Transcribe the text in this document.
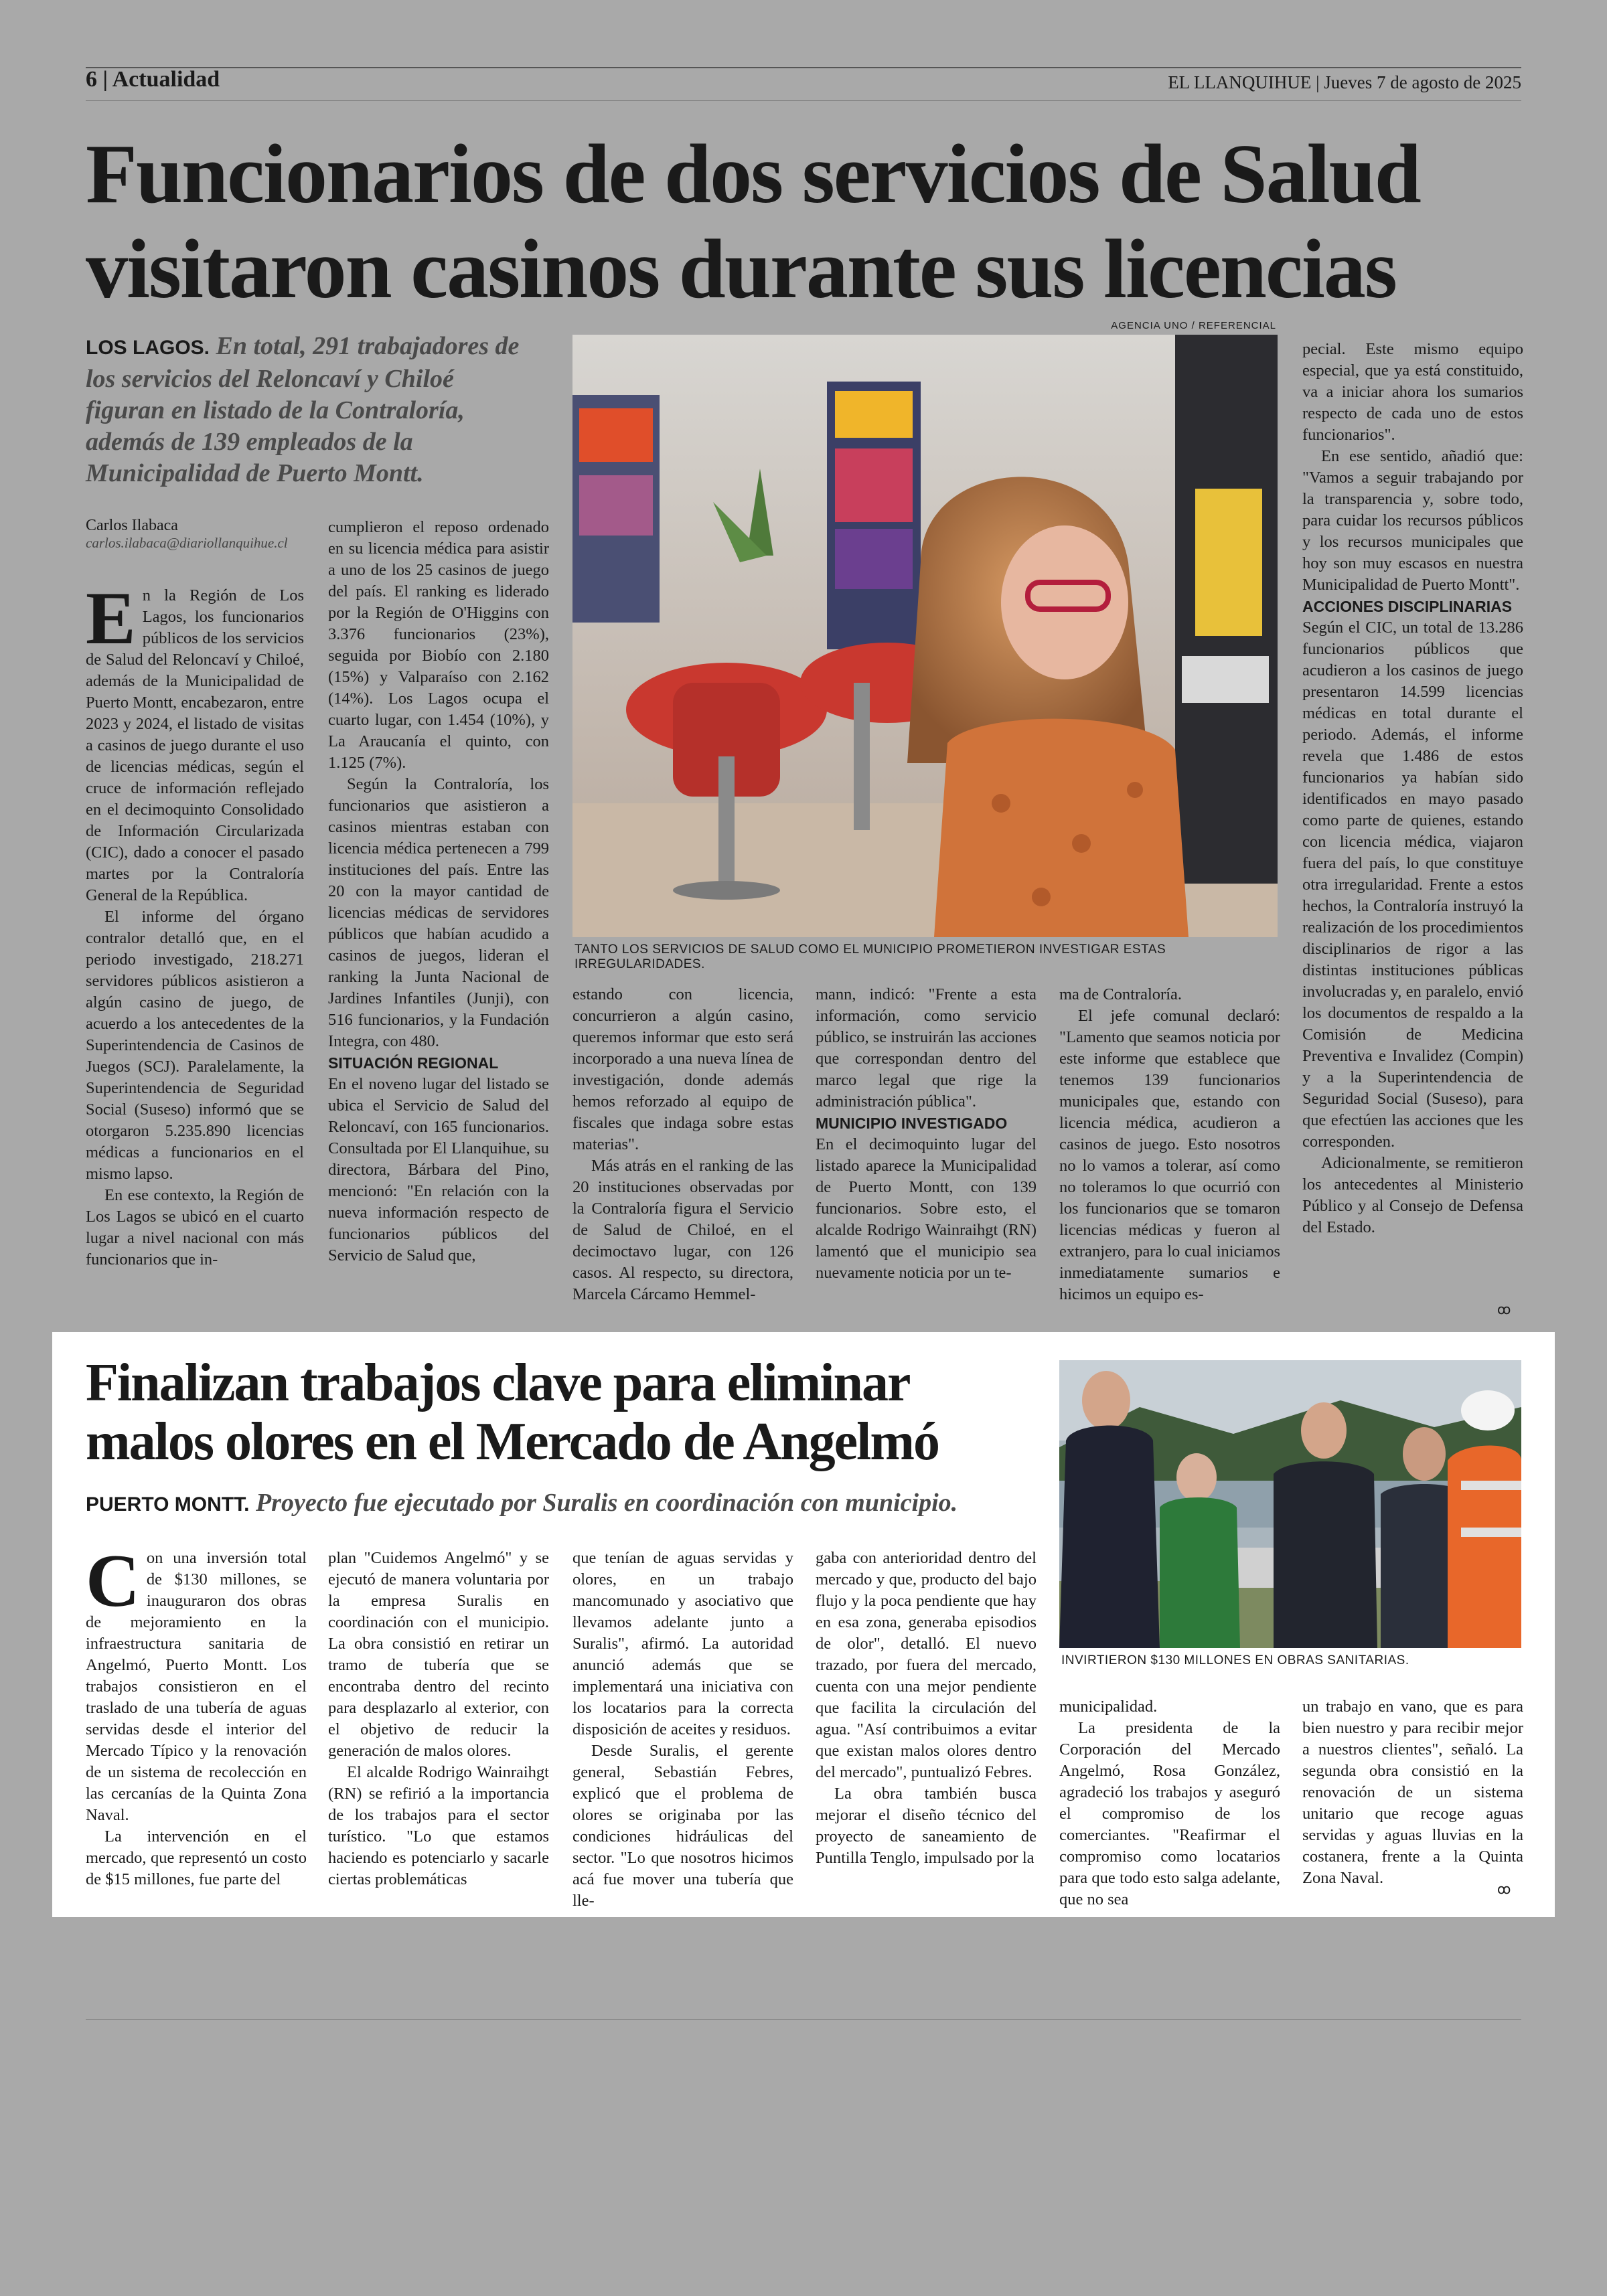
6 | Actualidad	EL LLANQUIHUE | Jueves 7 de agosto de 2025
Funcionarios de dos servicios de Salud visitaron casinos durante sus licencias
LOS LAGOS. En total, 291 trabajadores de los servicios del Reloncaví y Chiloé figuran en listado de la Contraloría, además de 139 empleados de la Municipalidad de Puerto Montt.
Carlos Ilabaca
carlos.ilabaca@diariollanquihue.cl
AGENCIA UNO / REFERENCIAL
TANTO LOS SERVICIOS DE SALUD COMO EL MUNICIPIO PROMETIERON INVESTIGAR ESTAS IRREGULARIDADES.
E n la Región de Los Lagos, los funcionarios públicos de los servicios de Salud del Reloncaví y Chiloé, además de la Municipalidad de Puerto Montt, encabezaron, entre 2023 y 2024, el listado de visitas a casinos de juego durante el uso de licencias médicas, según el cruce de información reflejado en el decimoquinto Consolidado de Información Circularizada (CIC), dado a conocer el pasado martes por la Contraloría General de la República.

El informe del órgano contralor detalló que, en el periodo investigado, 218.271 servidores públicos asistieron a algún casino de juego, de acuerdo a los antecedentes de la Superintendencia de Casinos de Juegos (SCJ). Paralelamente, la Superintendencia de Seguridad Social (Suseso) informó que se otorgaron 5.235.890 licencias médicas a funcionarios en el mismo lapso.

En ese contexto, la Región de Los Lagos se ubicó en el cuarto lugar a nivel nacional con más funcionarios que in-

cumplieron el reposo ordenado en su licencia médica para asistir a uno de los 25 casinos de juego del país. El ranking es liderado por la Región de O'Higgins con 3.376 funcionarios (23%), seguida por Biobío con 2.180 (15%) y Valparaíso con 2.162 (14%). Los Lagos ocupa el cuarto lugar, con 1.454 (10%), y La Araucanía el quinto, con 1.125 (7%).

Según la Contraloría, los funcionarios que asistieron a casinos mientras estaban con licencia médica pertenecen a 799 instituciones del país. Entre las 20 con la mayor cantidad de licencias médicas de servidores públicos que habían acudido a casinos de juegos, lideran el ranking la Junta Nacional de Jardines Infantiles (Junji), con 516 funcionarios, y la Fundación Integra, con 480.

SITUACIÓN REGIONAL

En el noveno lugar del listado se ubica el Servicio de Salud del Reloncaví, con 165 funcionarios. Consultada por El Llanquihue, su directora, Bárbara del Pino, mencionó: "En relación con la nueva información respecto de funcionarios públicos del Servicio de Salud que,

estando con licencia, concurrieron a algún casino, queremos informar que esto será incorporado a una nueva línea de investigación, donde además hemos reforzado al equipo de fiscales que indaga sobre estas materias".

Más atrás en el ranking de las 20 instituciones observadas por la Contraloría figura el Servicio de Salud de Chiloé, en el decimoctavo lugar, con 126 casos. Al respecto, su directora, Marcela Cárcamo Hemmel-

mann, indicó: "Frente a esta información, como servicio público, se instruirán las acciones que correspondan dentro del marco legal que rige la administración pública".

MUNICIPIO INVESTIGADO

En el decimoquinto lugar del listado aparece la Municipalidad de Puerto Montt, con 139 funcionarios. Sobre esto, el alcalde Rodrigo Wainraihgt (RN) lamentó que el municipio sea nuevamente noticia por un te-

ma de Contraloría.

El jefe comunal declaró: "Lamento que seamos noticia por este informe que establece que tenemos 139 funcionarios municipales que, estando con licencia médica, acudieron a casinos de juego. Esto nosotros no lo vamos a tolerar, así como no toleramos lo que ocurrió con los funcionarios que se tomaron licencias médicas y fueron al extranjero, para lo cual iniciamos inmediatamente sumarios e hicimos un equipo es-

pecial. Este mismo equipo especial, que ya está constituido, va a iniciar ahora los sumarios respecto de cada uno de estos funcionarios".

En ese sentido, añadió que: "Vamos a seguir trabajando por la transparencia y, sobre todo, para cuidar los recursos públicos y los recursos municipales que hoy son muy escasos en nuestra Municipalidad de Puerto Montt".

ACCIONES DISCIPLINARIAS

Según el CIC, un total de 13.286 funcionarios públicos que acudieron a los casinos de juego presentaron 14.599 licencias médicas en total durante el periodo. Además, el informe revela que 1.486 de estos funcionarios ya habían sido identificados en mayo pasado como parte de quienes, estando con licencia médica, viajaron fuera del país, lo que constituye otra irregularidad. Frente a estos hechos, la Contraloría instruyó la realización de los procedimientos disciplinarios de rigor a las distintas instituciones públicas involucradas y, en paralelo, envió los documentos de respaldo a la Comisión de Medicina Preventiva e Invalidez (Compin) y a la Superintendencia de Seguridad Social (Suseso), para que efectúen las acciones que les corresponden.

Adicionalmente, se remitieron los antecedentes al Ministerio Público y al Consejo de Defensa del Estado.

ꝏ
Finalizan trabajos clave para eliminar malos olores en el Mercado de Angelmó
PUERTO MONTT. Proyecto fue ejecutado por Suralis en coordinación con municipio.
INVIRTIERON $130 MILLONES EN OBRAS SANITARIAS.
C on una inversión total de $130 millones, se inauguraron dos obras de mejoramiento en la infraestructura sanitaria de Angelmó, Puerto Montt. Los trabajos consistieron en el traslado de una tubería de aguas servidas desde el interior del Mercado Típico y la renovación de un sistema de recolección en las cercanías de la Quinta Zona Naval.

La intervención en el mercado, que representó un costo de $15 millones, fue parte del

plan "Cuidemos Angelmó" y se ejecutó de manera voluntaria por la empresa Suralis en coordinación con el municipio. La obra consistió en retirar un tramo de tubería que se encontraba dentro del recinto para desplazarlo al exterior, con el objetivo de reducir la generación de malos olores.

El alcalde Rodrigo Wainraihgt (RN) se refirió a la importancia de los trabajos para el sector turístico. "Lo que estamos haciendo es potenciarlo y sacarle ciertas problemáticas

que tenían de aguas servidas y olores, en un trabajo mancomunado y asociativo que llevamos adelante junto a Suralis", afirmó. La autoridad anunció además que se implementará una iniciativa con los locatarios para la correcta disposición de aceites y residuos.

Desde Suralis, el gerente general, Sebastián Febres, explicó que el problema de olores se originaba por las condiciones hidráulicas del sector. "Lo que nosotros hicimos acá fue mover una tubería que lle-

gaba con anterioridad dentro del mercado y que, producto del bajo flujo y la poca pendiente que hay en esa zona, generaba episodios de olor", detalló. El nuevo trazado, por fuera del mercado, cuenta con una mejor pendiente que facilita la circulación del agua. "Así contribuimos a evitar que existan malos olores dentro del mercado", puntualizó Febres.

La obra también busca mejorar el diseño técnico del proyecto de saneamiento de Puntilla Tenglo, impulsado por la

municipalidad.

La presidenta de la Corporación del Mercado Angelmó, Rosa González, agradeció los trabajos y aseguró el compromiso de los comerciantes. "Reafirmar el compromiso como locatarios para que todo esto salga adelante, que no sea

un trabajo en vano, que es para bien nuestro y para recibir mejor a nuestros clientes", señaló. La segunda obra consistió en la renovación de un sistema unitario que recoge aguas servidas y aguas lluvias en la costanera, frente a la Quinta Zona Naval.

ꝏ
